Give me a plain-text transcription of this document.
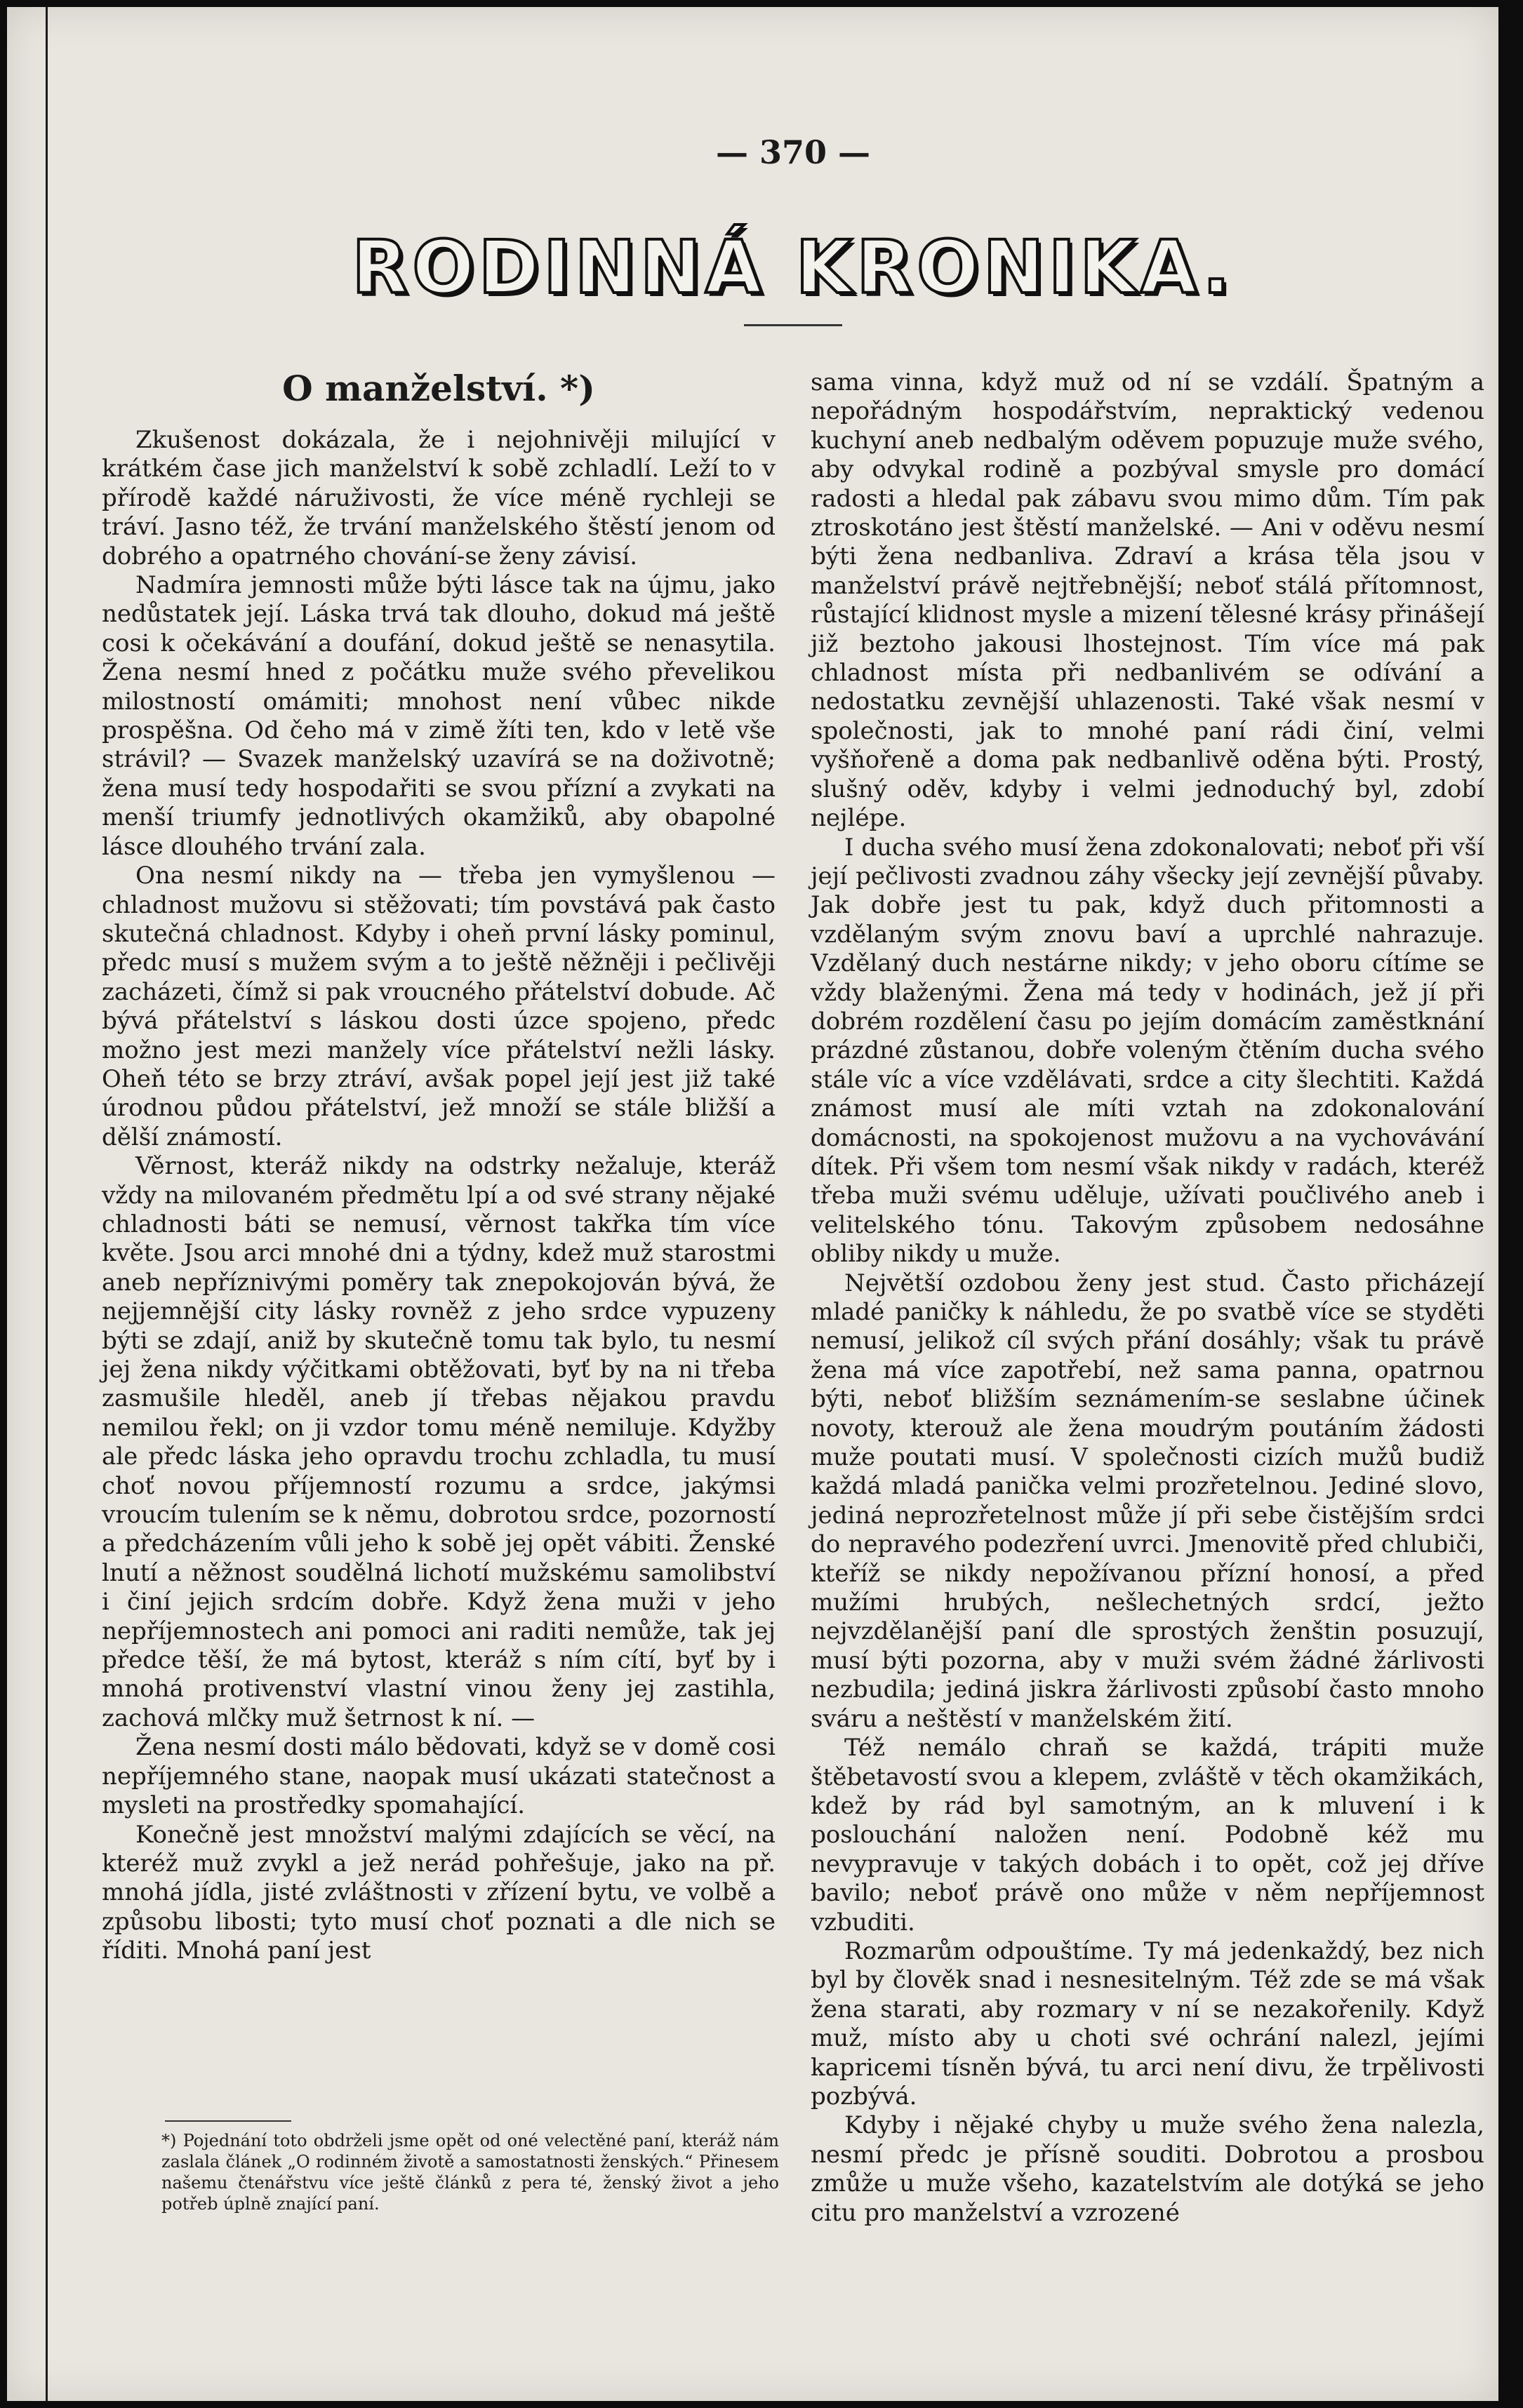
— 370 —
RODINNÁ KRONIKA.
O manželství. *)

Zkušenost dokázala, že i nejohnivěji milující v krátkém čase jich manželství k sobě zchladlí. Leží to v přírodě každé náruživosti, že více méně rychleji se tráví. Jasno též, že trvání manželského štěstí jenom od dobrého a opatrného chování-se ženy závisí.

Nadmíra jemnosti může býti lásce tak na újmu, jako nedůstatek její. Láska trvá tak dlouho, dokud má ještě cosi k očekávání a doufání, dokud ještě se nenasytila. Žena nesmí hned z počátku muže svého převelikou milostností omámiti; mnohost není vůbec nikde prospěšna. Od čeho má v zimě žíti ten, kdo v letě vše strávil? — Svazek manželský uzavírá se na doživotně; žena musí tedy hospodařiti se svou přízní a zvykati na menší triumfy jednotlivých okamžiků, aby obapolné lásce dlouhého trvání zala.

Ona nesmí nikdy na — třeba jen vymyšlenou — chladnost mužovu si stěžovati; tím povstává pak často skutečná chladnost. Kdyby i oheň první lásky pominul, předc musí s mužem svým a to ještě něžněji i pečlivěji zacházeti, čímž si pak vroucného přátelství dobude. Ač bývá přátelství s láskou dosti úzce spojeno, předc možno jest mezi manžely více přátelství nežli lásky. Oheň této se brzy ztráví, avšak popel její jest již také úrodnou půdou přátelství, jež množí se stále bližší a dělší známostí.

Věrnost, kteráž nikdy na odstrky nežaluje, kteráž vždy na milovaném předmětu lpí a od své strany nějaké chladnosti báti se nemusí, věrnost takřka tím více květe. Jsou arci mnohé dni a týdny, kdež muž starostmi aneb nepříznivými poměry tak znepokojován bývá, že nejjemnější city lásky rovněž z jeho srdce vypuzeny býti se zdají, aniž by skutečně tomu tak bylo, tu nesmí jej žena nikdy výčitkami obtěžovati, byť by na ni třeba zasmušile hleděl, aneb jí třebas nějakou pravdu nemilou řekl; on ji vzdor tomu méně nemiluje. Kdyžby ale předc láska jeho opravdu trochu zchladla, tu musí choť novou příjemností rozumu a srdce, jakýmsi vroucím tulením se k němu, dobrotou srdce, pozorností a předcházením vůli jeho k sobě jej opět vábiti. Ženské lnutí a něžnost soudělná lichotí mužskému samolibství i činí jejich srdcím dobře. Když žena muži v jeho nepříjemnostech ani pomoci ani raditi nemůže, tak jej předce těší, že má bytost, kteráž s ním cítí, byť by i mnohá protivenství vlastní vinou ženy jej zastihla, zachová mlčky muž šetrnost k ní. —

Žena nesmí dosti málo bědovati, když se v domě cosi nepříjemného stane, naopak musí ukázati statečnost a mysleti na prostředky spomahající.

Konečně jest množství malými zdajících se věcí, na kteréž muž zvykl a jež nerád pohřešuje, jako na př. mnohá jídla, jisté zvláštnosti v zřízení bytu, ve volbě a způsobu libosti; tyto musí choť poznati a dle nich se říditi. Mnohá paní jest

*) Pojednání toto obdrželi jsme opět od oné velectěné paní, kteráž nám zaslala článek „O rodinném životě a samostatnosti ženských.“ Přinesem našemu čtenářstvu více ještě článků z pera té, ženský život a jeho potřeb úplně znající paní.

sama vinna, když muž od ní se vzdálí. Špatným a nepořádným hospodářstvím, nepraktický vedenou kuchyní aneb nedbalým oděvem popuzuje muže svého, aby odvykal rodině a pozbýval smysle pro domácí radosti a hledal pak zábavu svou mimo dům. Tím pak ztroskotáno jest štěstí manželské. — Ani v oděvu nesmí býti žena nedbanliva. Zdraví a krása těla jsou v manželství právě nejtřebnější; neboť stálá přítomnost, růstající klidnost mysle a mizení tělesné krásy přinášejí již beztoho jakousi lhostejnost. Tím více má pak chladnost místa při nedbanlivém se odívání a nedostatku zevnější uhlazenosti. Také však nesmí v společnosti, jak to mnohé paní rádi činí, velmi vyšňořeně a doma pak nedbanlivě oděna býti. Prostý, slušný oděv, kdyby i velmi jednoduchý byl, zdobí nejlépe.

I ducha svého musí žena zdokonalovati; neboť při vší její pečlivosti zvadnou záhy všecky její zevnější půvaby. Jak dobře jest tu pak, když duch přitomnosti a vzdělaným svým znovu baví a uprchlé nahrazuje. Vzdělaný duch nestárne nikdy; v jeho oboru cítíme se vždy blaženými. Žena má tedy v hodinách, jež jí při dobrém rozdělení času po jejím domácím zaměstknání prázdné zůstanou, dobře voleným čtěním ducha svého stále víc a více vzdělávati, srdce a city šlechtiti. Každá známost musí ale míti vztah na zdokonalování domácnosti, na spokojenost mužovu a na vychovávání dítek. Při všem tom nesmí však nikdy v radách, kteréž třeba muži svému uděluje, užívati poučlivého aneb i velitelského tónu. Takovým způsobem nedosáhne obliby nikdy u muže.

Největší ozdobou ženy jest stud. Často přicházejí mladé paničky k náhledu, že po svatbě více se styděti nemusí, jelikož cíl svých přání dosáhly; však tu právě žena má více zapotřebí, než sama panna, opatrnou býti, neboť bližším seznámením-se seslabne účinek novoty, kterouž ale žena moudrým poutáním žádosti muže poutati musí. V společnosti cizích mužů budiž každá mladá panička velmi prozřetelnou. Jediné slovo, jediná neprozřetelnost může jí při sebe čistějším srdci do nepravého podezření uvrci. Jmenovitě před chlubiči, kteříž se nikdy nepožívanou přízní honosí, a před mužími hrubých, nešlechetných srdcí, ježto nejvzdělanější paní dle sprostých ženštin posuzují, musí býti pozorna, aby v muži svém žádné žárlivosti nezbudila; jediná jiskra žárlivosti způsobí často mnoho sváru a neštěstí v manželském žití.

Též nemálo chraň se každá, trápiti muže štěbetavostí svou a klepem, zvláště v těch okamžikách, kdež by rád byl samotným, an k mluvení i k poslouchání naložen není. Podobně kéž mu nevypravuje v takých dobách i to opět, což jej dříve bavilo; neboť právě ono může v něm nepříjemnost vzbuditi.

Rozmarům odpouštíme. Ty má jedenkaždý, bez nich byl by člověk snad i nesnesitelným. Též zde se má však žena starati, aby rozmary v ní se nezakořenily. Když muž, místo aby u choti své ochrání nalezl, jejími kapricemi tísněn bývá, tu arci není divu, že trpělivosti pozbývá.

Kdyby i nějaké chyby u muže svého žena nalezla, nesmí předc je přísně souditi. Dobrotou a prosbou zmůže u muže všeho, kazatelstvím ale dotýká se jeho citu pro manželství a vzrozené
